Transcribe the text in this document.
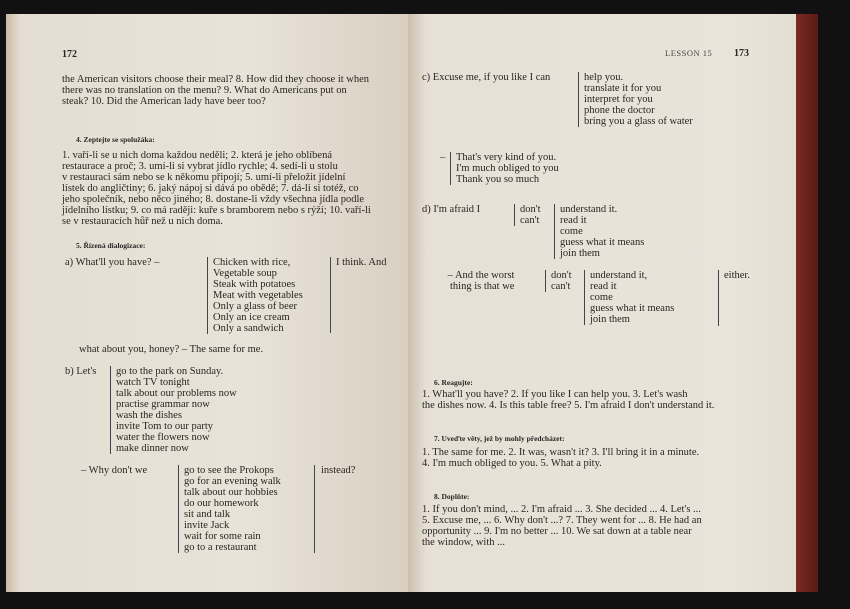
172
the American visitors choose their meal? 8. How did they choose it when
there was no translation on the menu? 9. What do Americans put on
steak? 10. Did the American lady have beer too?
4. Zeptejte se spolužáka:
1. vaří-li se u nich doma každou neděli; 2. která je jeho oblíbená
restaurace a proč; 3. umí-li si vybrat jídlo rychle; 4. sedí-li u stolu
v restauraci sám nebo se k někomu připojí; 5. umí-li přeložit jídelní
lístek do angličtiny; 6. jaký nápoj si dává po obědě; 7. dá-li si totéž, co
jeho společník, nebo něco jiného; 8. dostane-li vždy všechna jídla podle
jídelního lístku; 9. co má raději: kuře s bramborem nebo s rýží; 10. vaří-li
se v restauracích hůř než u nich doma.
5. Řízená dialogizace:
a) What'll you have? –	Chicken with rice,
Vegetable soup
Steak with potatoes
Meat with vegetables
Only a glass of beer
Only an ice cream
Only a sandwich
I think. And
what about you, honey? – The same for me.
b) Let's go to the park on Sunday.
watch TV tonight
talk about our problems now
practise grammar now
wash the dishes
invite Tom to our party
water the flowers now
make dinner now
– Why don't we	go to see the Prokops
go for an evening walk
talk about our hobbies
do our homework
sit and talk
invite Jack
wait for some rain
go to a restaurant
instead?
LESSON 15 173
c) Excuse me, if you like I can	help you.
translate it for you
interpret for you
phone the doctor
bring you a glass of water
– That's very kind of you.
I'm much obliged to you
Thank you so much
d) I'm afraid I	don't
can't
understand it.
read it
come
guess what it means
join them
– And the worst
thing is that we
don't
can't
understand it,
read it
come
guess what it means
join them
either.
6. Reagujte:
1. What'll you have? 2. If you like I can help you. 3. Let's wash
the dishes now. 4. Is this table free? 5. I'm afraid I don't understand it.
7. Uveďte věty, jež by mohly předcházet:
1. The same for me. 2. It was, wasn't it? 3. I'll bring it in a minute.
4. I'm much obliged to you. 5. What a pity.
8. Doplňte:
1. If you don't mind, ... 2. I'm afraid ... 3. She decided ... 4. Let's ...
5. Excuse me, ... 6. Why don't ...? 7. They went for ... 8. He had an
opportunity ... 9. I'm no better ... 10. We sat down at a table near
the window, with ...
